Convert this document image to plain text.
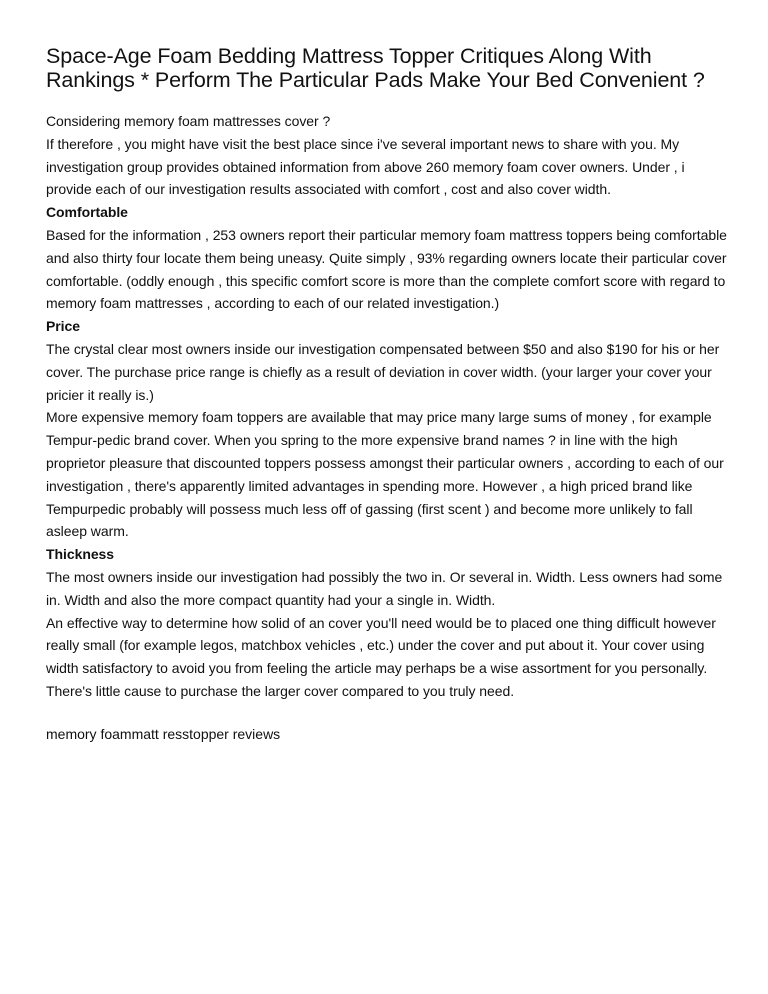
Space-Age Foam Bedding Mattress Topper Critiques Along With Rankings * Perform The Particular Pads Make Your Bed Convenient ?

Considering memory foam mattresses cover ?

If therefore , you might have visit the best place since i've several important news to share with you. My investigation group provides obtained information from above 260 memory foam cover owners. Under , i provide each of our investigation results associated with comfort , cost and also cover width.

Comfortable

Based for the information , 253 owners report their particular memory foam mattress toppers being comfortable and also thirty four locate them being uneasy. Quite simply , 93% regarding owners locate their particular cover comfortable. (oddly enough , this specific comfort score is more than the complete comfort score with regard to memory foam mattresses , according to each of our related investigation.)

Price

The crystal clear most owners inside our investigation compensated between $50 and also $190 for his or her cover. The purchase price range is chiefly as a result of deviation in cover width. (your larger your cover your pricier it really is.)

More expensive memory foam toppers are available that may price many large sums of money , for example Tempur-pedic brand cover. When you spring to the more expensive brand names ? in line with the high proprietor pleasure that discounted toppers possess amongst their particular owners , according to each of our investigation , there's apparently limited advantages in spending more. However , a high priced brand like Tempurpedic probably will possess much less off of gassing (first scent ) and become more unlikely to fall asleep warm.

Thickness

The most owners inside our investigation had possibly the two in. Or several in. Width. Less owners had some in. Width and also the more compact quantity had your a single in. Width.

An effective way to determine how solid of an cover you'll need would be to placed one thing difficult however really small (for example legos, matchbox vehicles , etc.) under the cover and put about it. Your cover using width satisfactory to avoid you from feeling the article may perhaps be a wise assortment for you personally. There's little cause to purchase the larger cover compared to you truly need.

memory foammatt resstopper reviews
